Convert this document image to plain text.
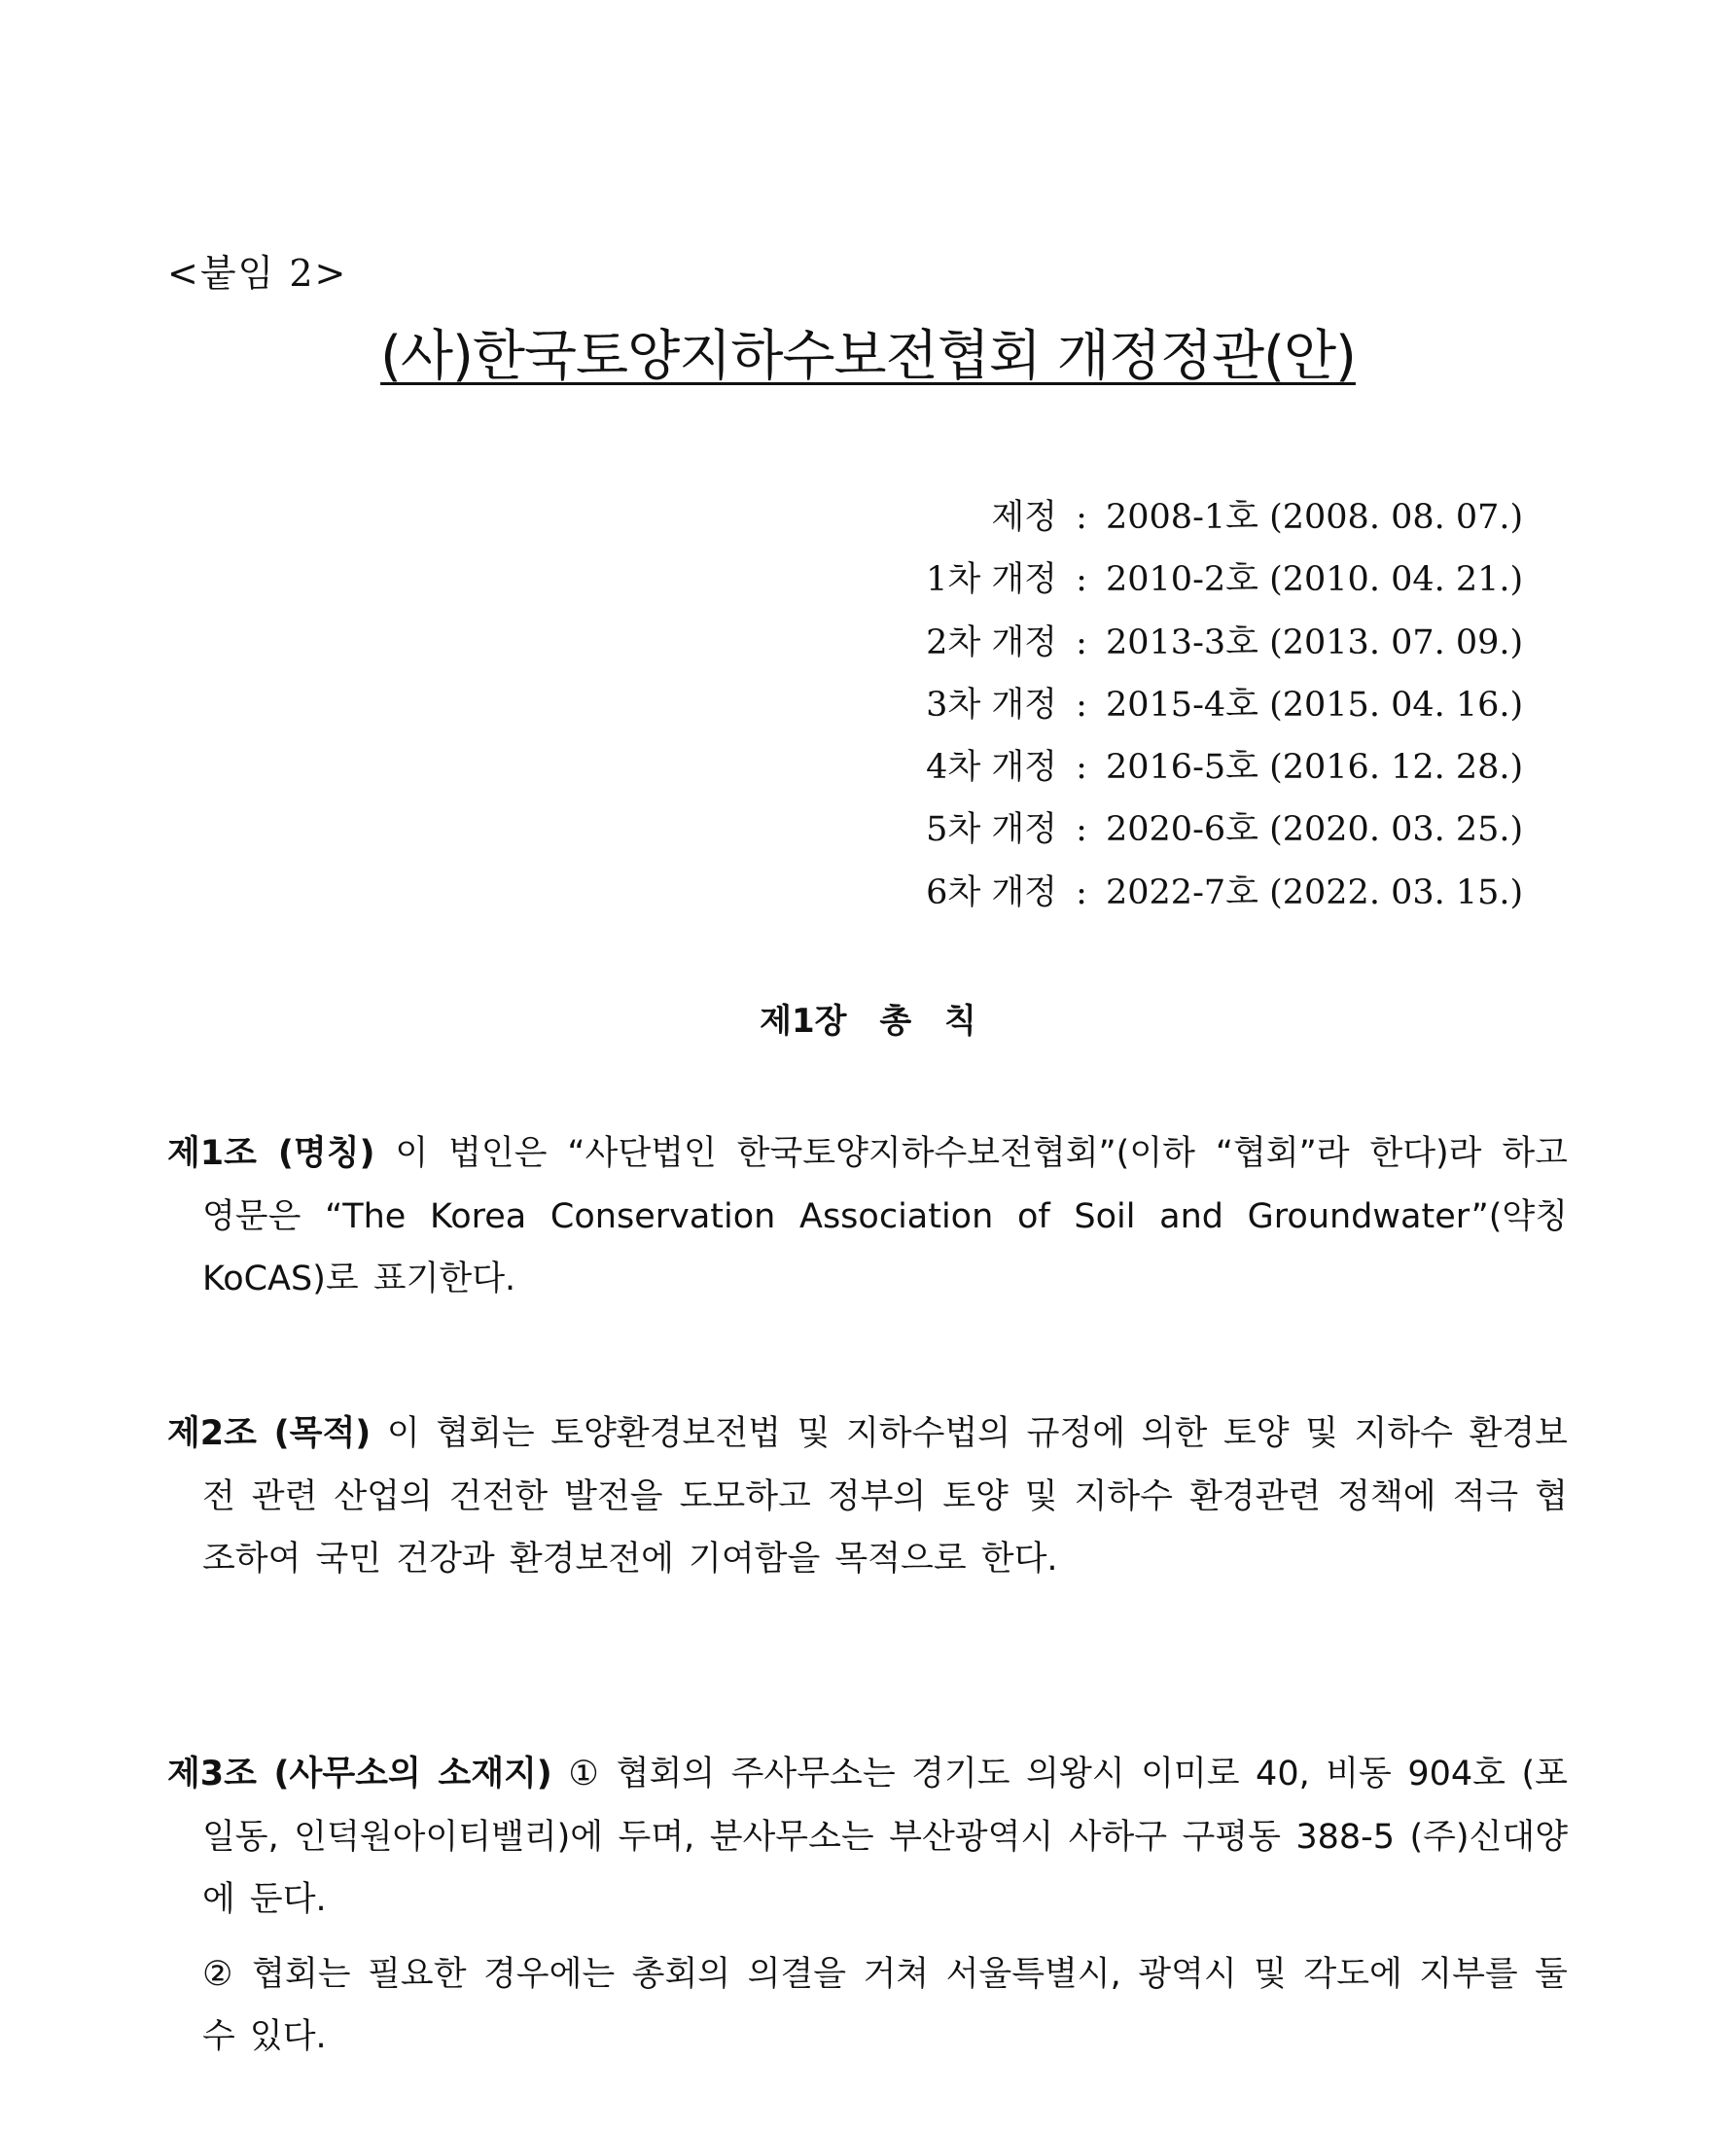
<붙임 2>
(사)한국토양지하수보전협회 개정정관(안)
제정 : 2008-1호 (2008. 08. 07.)
1차 개정 : 2010-2호 (2010. 04. 21.)
2차 개정 : 2013-3호 (2013. 07. 09.)
3차 개정 : 2015-4호 (2015. 04. 16.)
4차 개정 : 2016-5호 (2016. 12. 28.)
5차 개정 : 2020-6호 (2020. 03. 25.)
6차 개정 : 2022-7호 (2022. 03. 15.)
제1장 총 칙

제1조 (명칭) 이 법인은 “사단법인 한국토양지하수보전협회”(이하 “협회”라 한다)라 하고 영문은 “The Korea Conservation Association of Soil and Groundwater”(약칭 KoCAS)로 표기한다.

제2조 (목적) 이 협회는 토양환경보전법 및 지하수법의 규정에 의한 토양 및 지하수 환경보전 관련 산업의 건전한 발전을 도모하고 정부의 토양 및 지하수 환경관련 정책에 적극 협조하여 국민 건강과 환경보전에 기여함을 목적으로 한다.

제3조 (사무소의 소재지) ① 협회의 주사무소는 경기도 의왕시 이미로 40, 비동 904호 (포일동, 인덕원아이티밸리)에 두며, 분사무소는 부산광역시 사하구 구평동 388-5 (주)신대양에 둔다.

② 협회는 필요한 경우에는 총회의 의결을 거쳐 서울특별시, 광역시 및 각도에 지부를 둘 수 있다.
